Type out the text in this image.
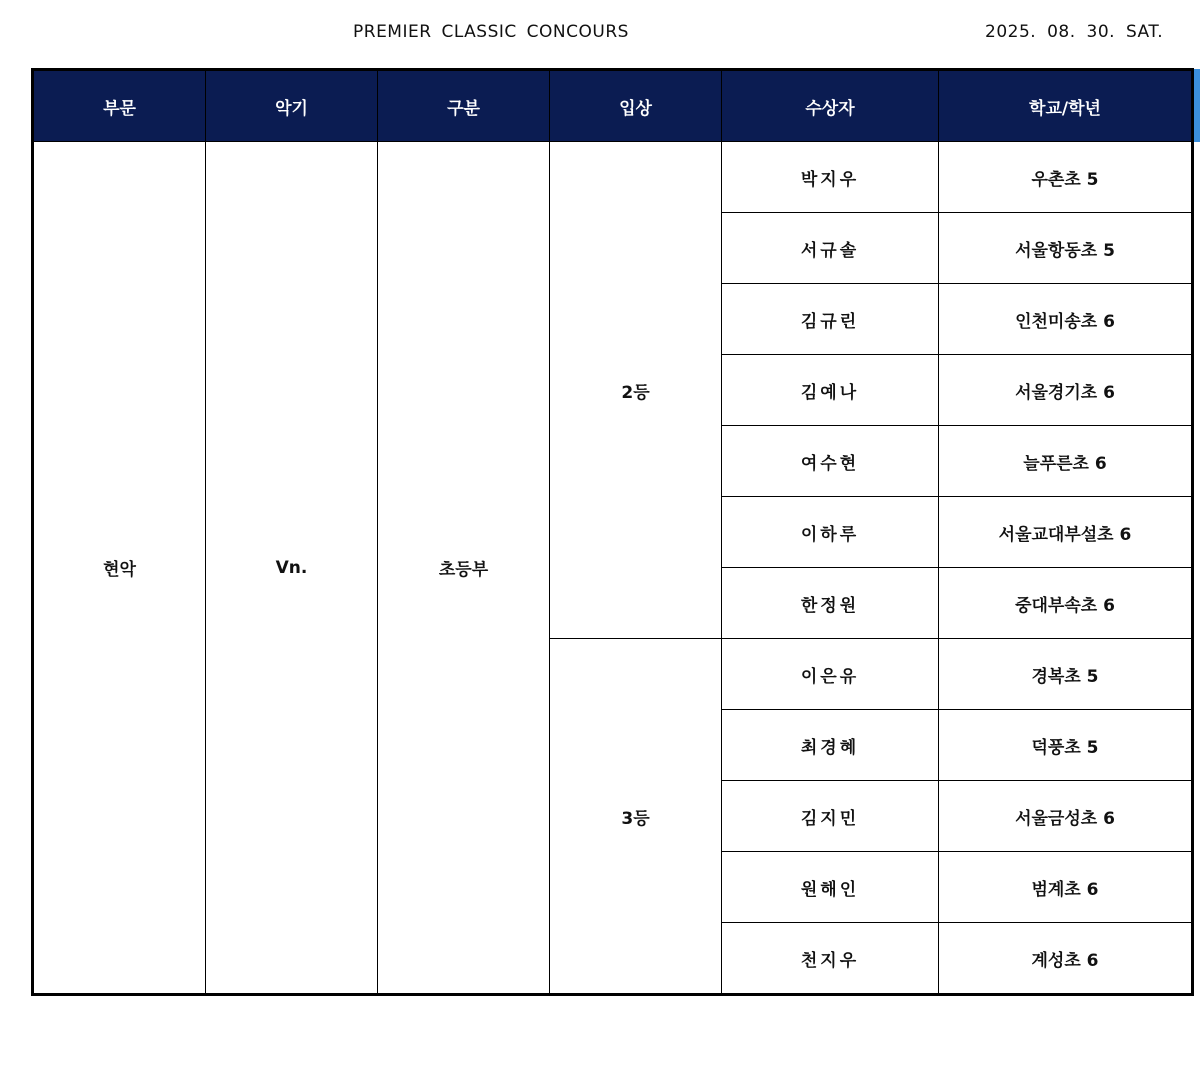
PREMIER CLASSIC CONCOURS	2025. 08. 30. SAT.
부문	악기	구분	입상	수상자	학교/학년
현악	Vn.	초등부	2등	박지우	우촌초 5
				서규솔	서울항동초 5
				김규린	인천미송초 6
				김예나	서울경기초 6
				여수현	늘푸른초 6
				이하루	서울교대부설초 6
				한정원	중대부속초 6
			3등	이은유	경복초 5
				최경혜	덕풍초 5
				김지민	서울금성초 6
				원해인	범계초 6
				천지우	계성초 6
